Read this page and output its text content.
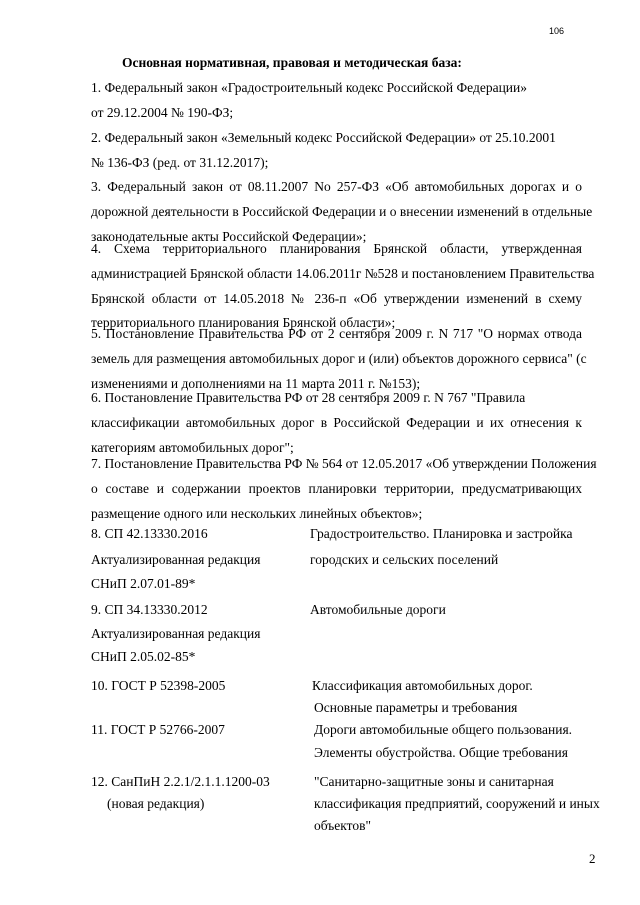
106
Основная нормативная, правовая и методическая база:
1. Федеральный закон «Градостроительный кодекс Российской Федерации»
от 29.12.2004 № 190-ФЗ;
2. Федеральный закон «Земельный кодекс Российской Федерации» от 25.10.2001
№ 136-ФЗ (ред. от 31.12.2017);
3. Федеральный закон от 08.11.2007 No 257-ФЗ «Об автомобильных дорогах и о
дорожной деятельности в Российской Федерации и о внесении изменений в отдельные
законодательные акты Российской Федерации»;
4. Схема территориального планирования Брянской области, утвержденная
администрацией Брянской области 14.06.2011г №528 и постановлением Правительства
Брянской области от 14.05.2018 № 236-п «Об утверждении изменений в схему
территориального планирования Брянской области»;
5. Постановление Правительства РФ от 2 сентября 2009 г. N 717 "О нормах отвода
земель для размещения автомобильных дорог и (или) объектов дорожного сервиса" (с
изменениями и дополнениями на 11 марта 2011 г. №153);
6. Постановление Правительства РФ от 28 сентября 2009 г. N 767 "Правила
классификации автомобильных дорог в Российской Федерации и их отнесения к
категориям автомобильных дорог";
7. Постановление Правительства РФ № 564 от 12.05.2017 «Об утверждении Положения
о составе и содержании проектов планировки территории, предусматривающих
размещение одного или нескольких линейных объектов»;
8. СП 42.13330.2016
Актуализированная редакция
СНиП 2.07.01-89*
Градостроительство. Планировка и застройка
городских и сельских поселений
9. СП 34.13330.2012
Актуализированная редакция
СНиП 2.05.02-85*
Автомобильные дороги
10. ГОСТ Р 52398-2005	Классификация автомобильных дорог.
Основные параметры и требования
11. ГОСТ Р 52766-2007	Дороги автомобильные общего пользования.
Элементы обустройства. Общие требования
12. СанПиН 2.2.1/2.1.1.1200-03
(новая редакция)
"Санитарно-защитные зоны и санитарная
классификация предприятий, сооружений и иных
объектов"
2
